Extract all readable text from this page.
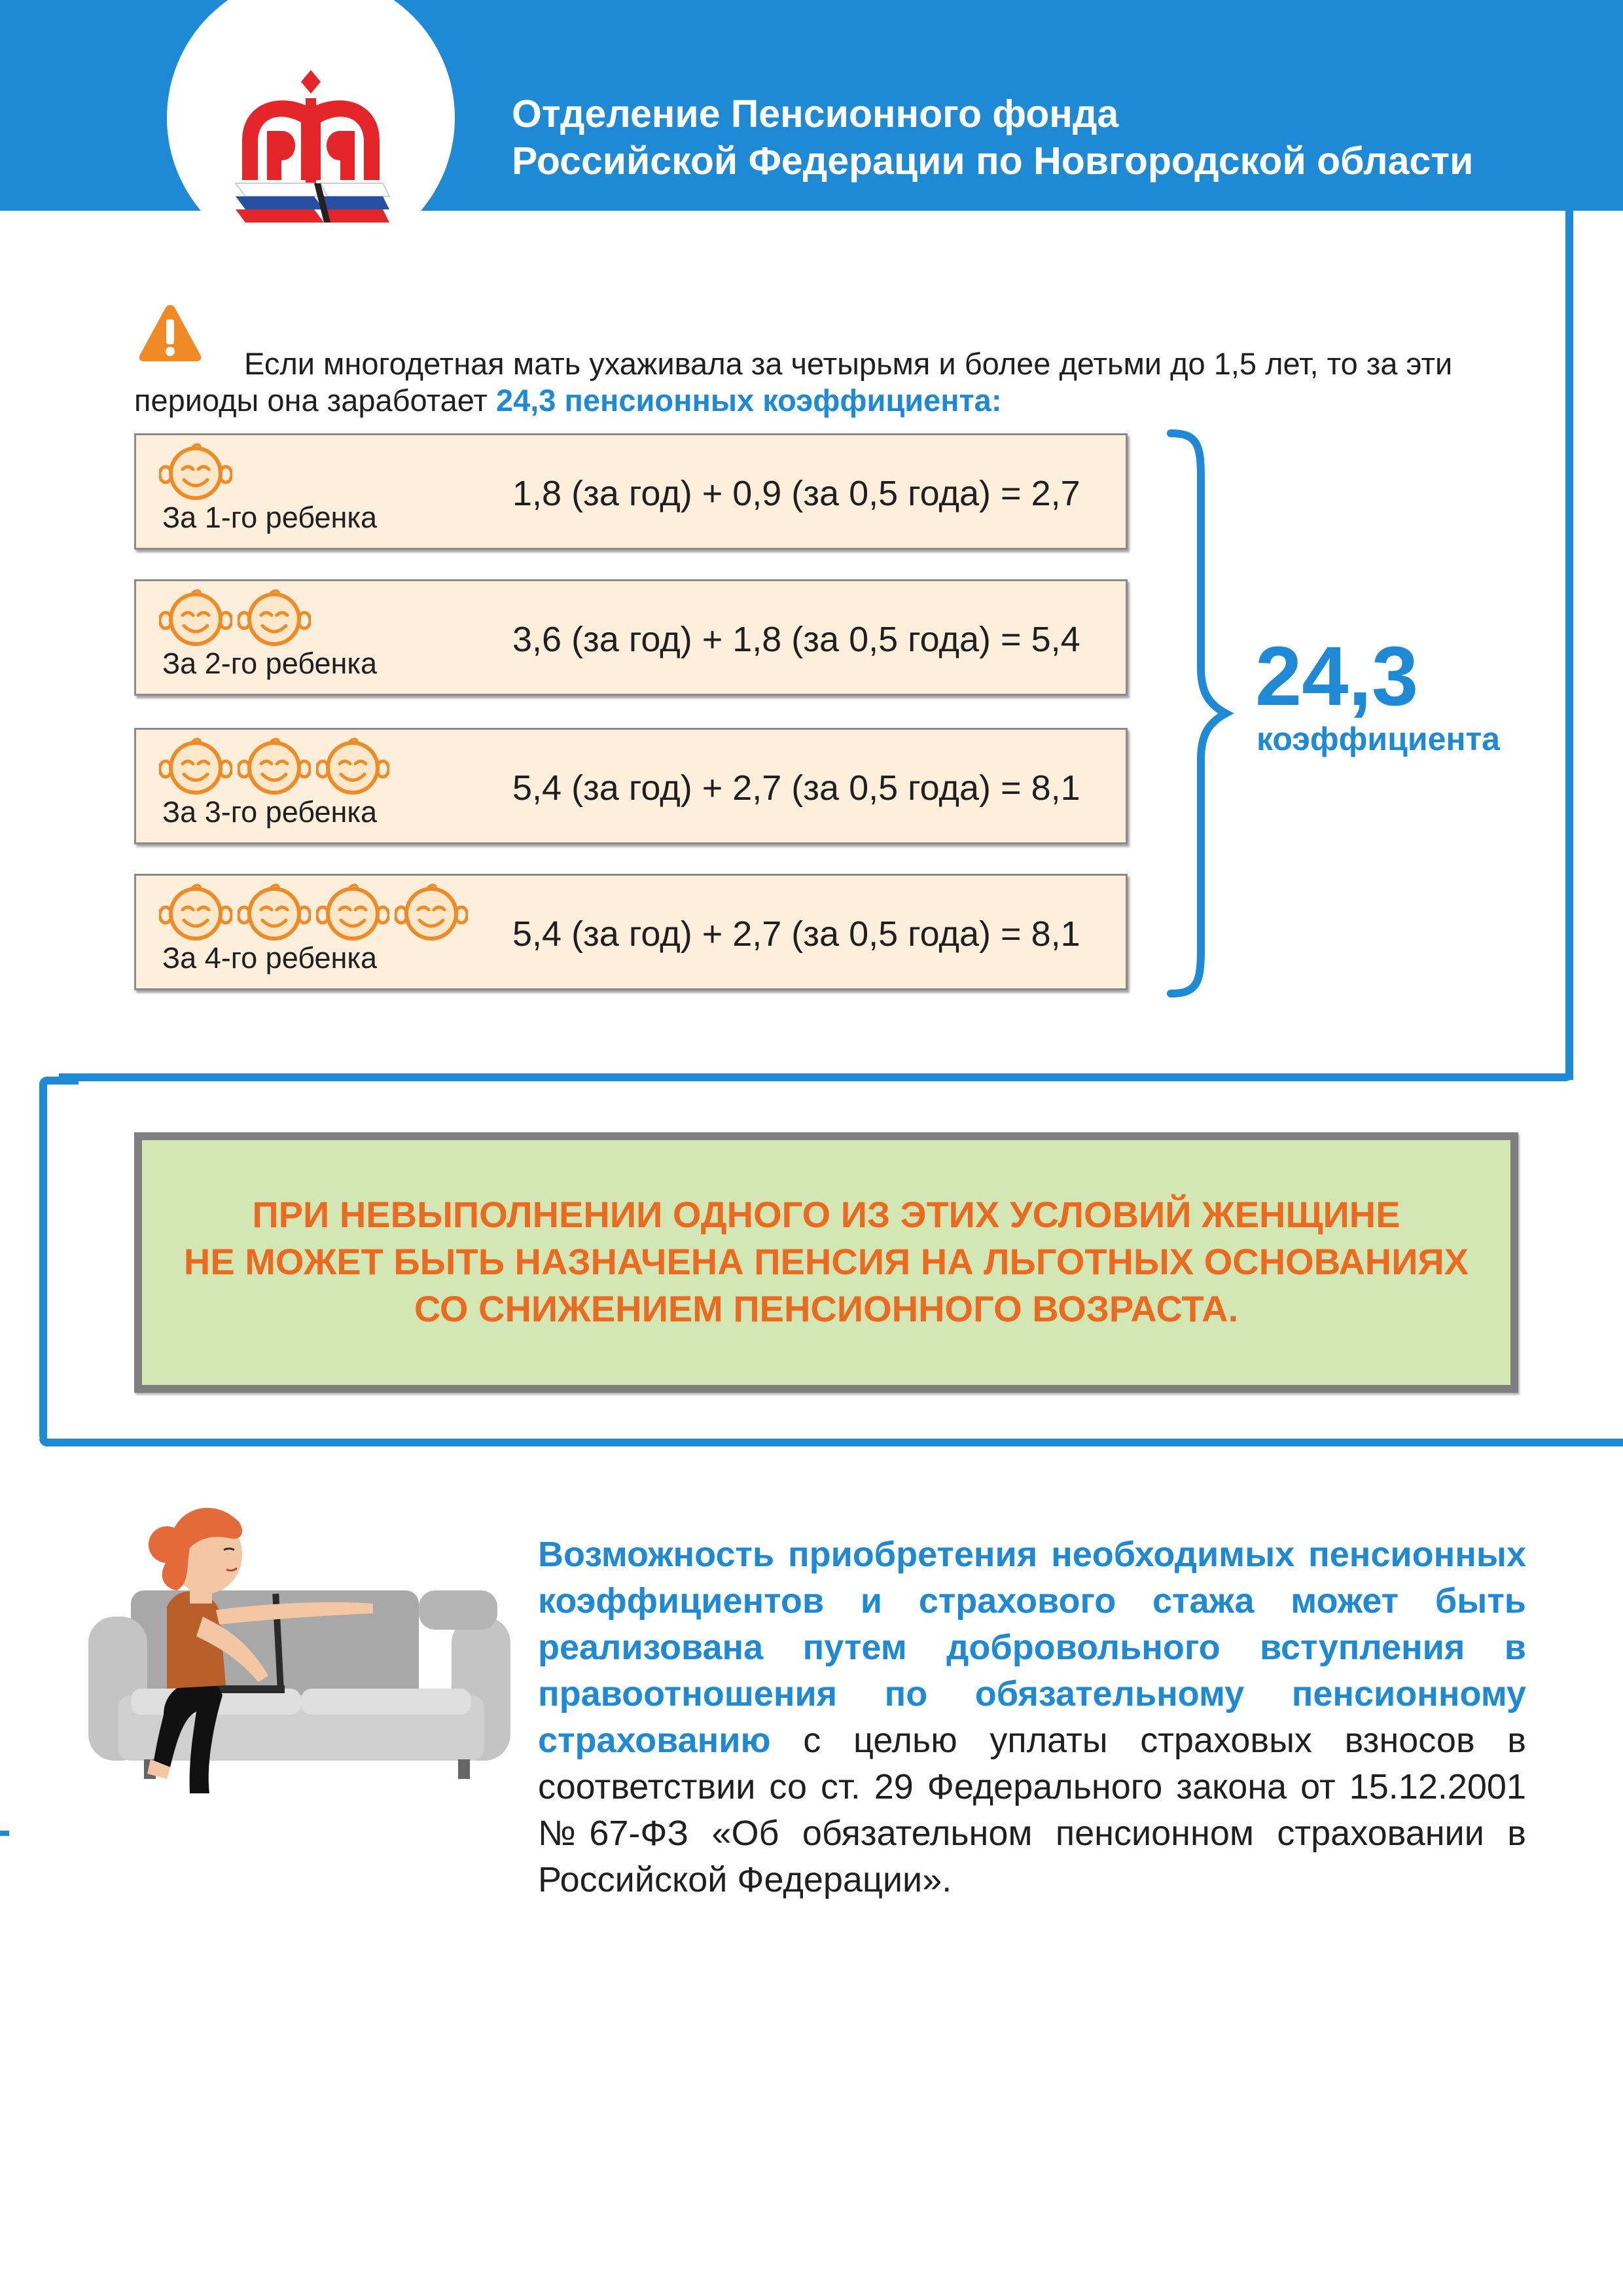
Отделение Пенсионного фонда
Российской Федерации по Новгородской области
Если многодетная мать ухаживала за четырьмя и более детьми до 1,5 лет, то за эти периоды она заработает 24,3 пенсионных коэффициента:
За 1-го ребенка
1,8 (за год) + 0,9 (за 0,5 года) = 2,7
За 2-го ребенка
3,6 (за год) + 1,8 (за 0,5 года) = 5,4
За 3-го ребенка
5,4 (за год) + 2,7 (за 0,5 года) = 8,1
За 4-го ребенка
5,4 (за год) + 2,7 (за 0,5 года) = 8,1
24,3
коэффициента
ПРИ НЕВЫПОЛНЕНИИ ОДНОГО ИЗ ЭТИХ УСЛОВИЙ ЖЕНЩИНЕ
НЕ МОЖЕТ БЫТЬ НАЗНАЧЕНА ПЕНСИЯ НА ЛЬГОТНЫХ ОСНОВАНИЯХ
СО СНИЖЕНИЕМ ПЕНСИОННОГО ВОЗРАСТА.
Возможность приобретения необходимых пенсионных коэффициентов и страхового стажа может быть реализована путем добровольного вступления в правоотношения по обязательному пенсионному страхованию с целью уплаты страховых взносов в соответствии со ст. 29 Федерального закона от 15.12.2001 №67-ФЗ «Об обязательном пенсионном страховании в Российской Федерации».
